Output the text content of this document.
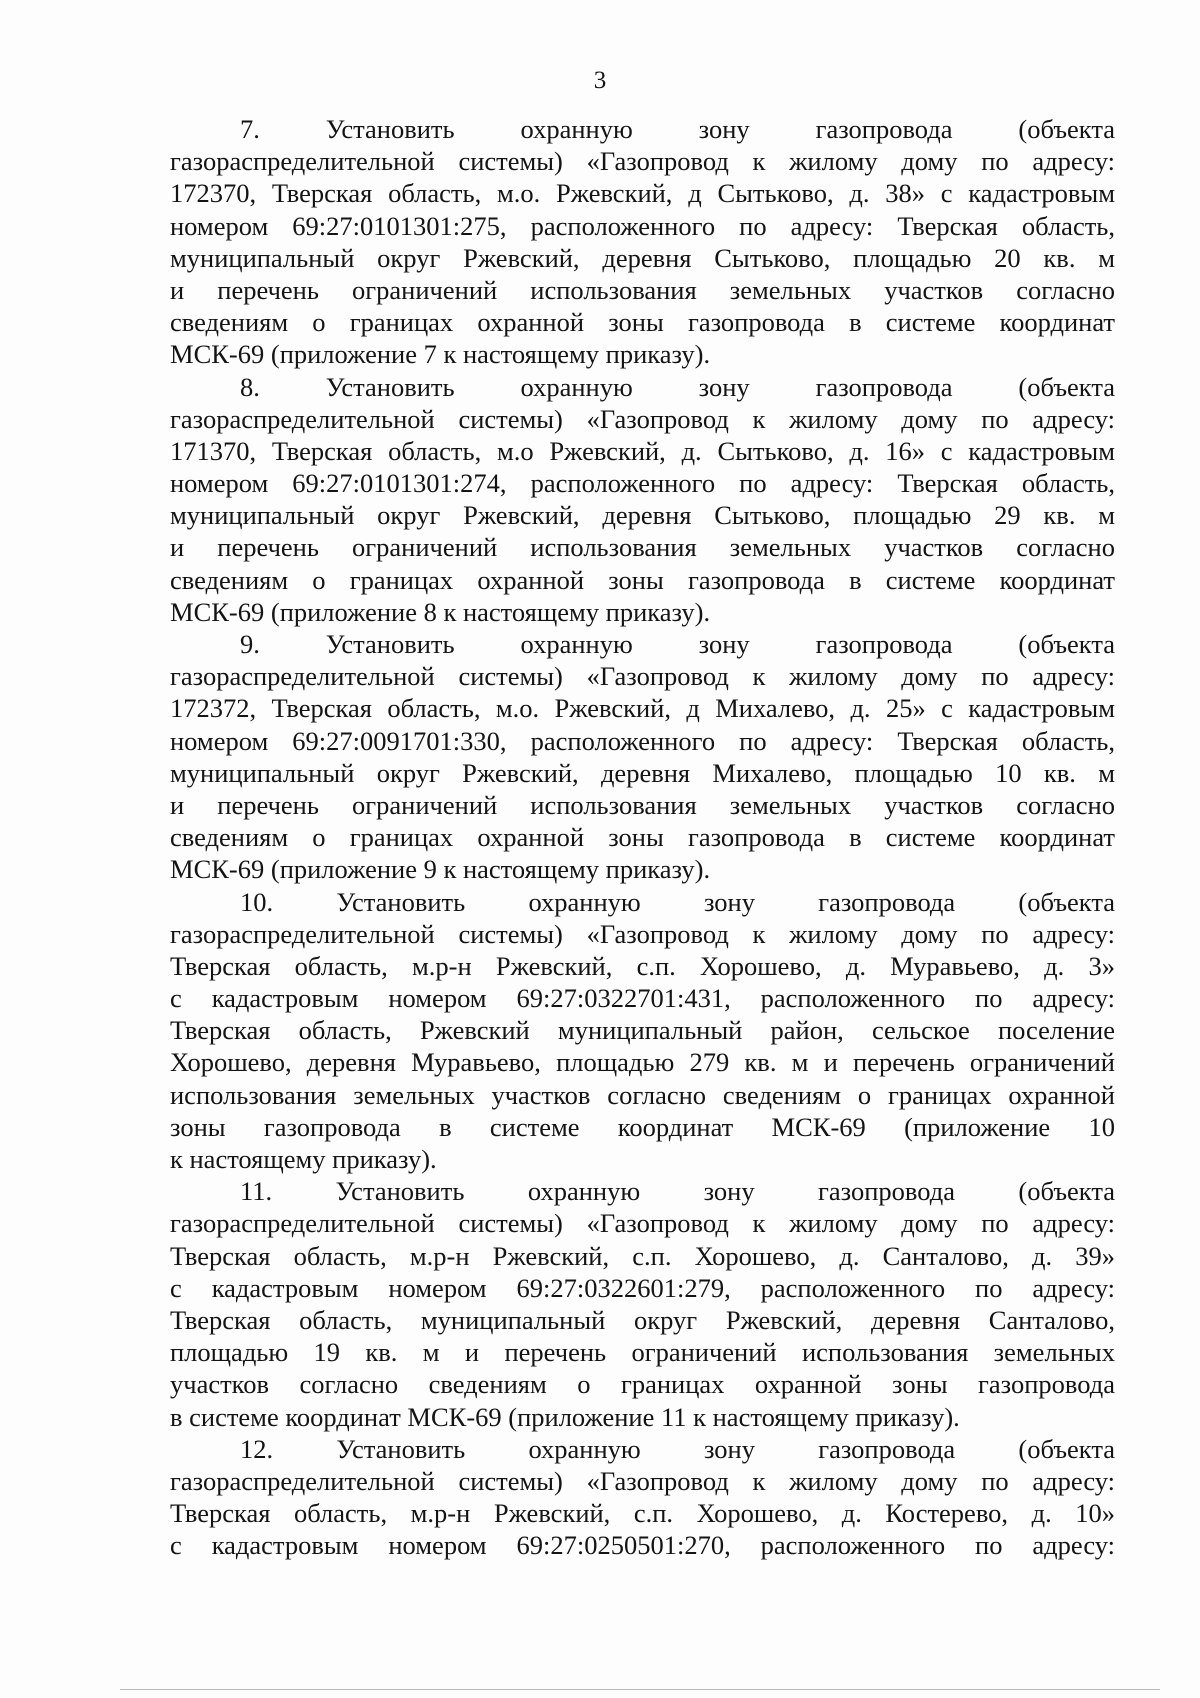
3
7. Установить охранную зону газопровода (объекта
газораспределительной системы) «Газопровод к жилому дому по адресу:
172370, Тверская область, м.о. Ржевский, д Сытьково, д. 38» с кадастровым
номером 69:27:0101301:275, расположенного по адресу: Тверская область,
муниципальный округ Ржевский, деревня Сытьково, площадью 20 кв. м
и перечень ограничений использования земельных участков согласно
сведениям о границах охранной зоны газопровода в системе координат
МСК-69 (приложение 7 к настоящему приказу).
8. Установить охранную зону газопровода (объекта
газораспределительной системы) «Газопровод к жилому дому по адресу:
171370, Тверская область, м.о Ржевский, д. Сытьково, д. 16» с кадастровым
номером 69:27:0101301:274, расположенного по адресу: Тверская область,
муниципальный округ Ржевский, деревня Сытьково, площадью 29 кв. м
и перечень ограничений использования земельных участков согласно
сведениям о границах охранной зоны газопровода в системе координат
МСК-69 (приложение 8 к настоящему приказу).
9. Установить охранную зону газопровода (объекта
газораспределительной системы) «Газопровод к жилому дому по адресу:
172372, Тверская область, м.о. Ржевский, д Михалево, д. 25» с кадастровым
номером 69:27:0091701:330, расположенного по адресу: Тверская область,
муниципальный округ Ржевский, деревня Михалево, площадью 10 кв. м
и перечень ограничений использования земельных участков согласно
сведениям о границах охранной зоны газопровода в системе координат
МСК-69 (приложение 9 к настоящему приказу).
10. Установить охранную зону газопровода (объекта
газораспределительной системы) «Газопровод к жилому дому по адресу:
Тверская область, м.р-н Ржевский, с.п. Хорошево, д. Муравьево, д. 3»
с кадастровым номером 69:27:0322701:431, расположенного по адресу:
Тверская область, Ржевский муниципальный район, сельское поселение
Хорошево, деревня Муравьево, площадью 279 кв. м и перечень ограничений
использования земельных участков согласно сведениям о границах охранной
зоны газопровода в системе координат МСК-69 (приложение 10
к настоящему приказу).
11. Установить охранную зону газопровода (объекта
газораспределительной системы) «Газопровод к жилому дому по адресу:
Тверская область, м.р-н Ржевский, с.п. Хорошево, д. Санталово, д. 39»
с кадастровым номером 69:27:0322601:279, расположенного по адресу:
Тверская область, муниципальный округ Ржевский, деревня Санталово,
площадью 19 кв. м и перечень ограничений использования земельных
участков согласно сведениям о границах охранной зоны газопровода
в системе координат МСК-69 (приложение 11 к настоящему приказу).
12. Установить охранную зону газопровода (объекта
газораспределительной системы) «Газопровод к жилому дому по адресу:
Тверская область, м.р-н Ржевский, с.п. Хорошево, д. Костерево, д. 10»
с кадастровым номером 69:27:0250501:270, расположенного по адресу:
